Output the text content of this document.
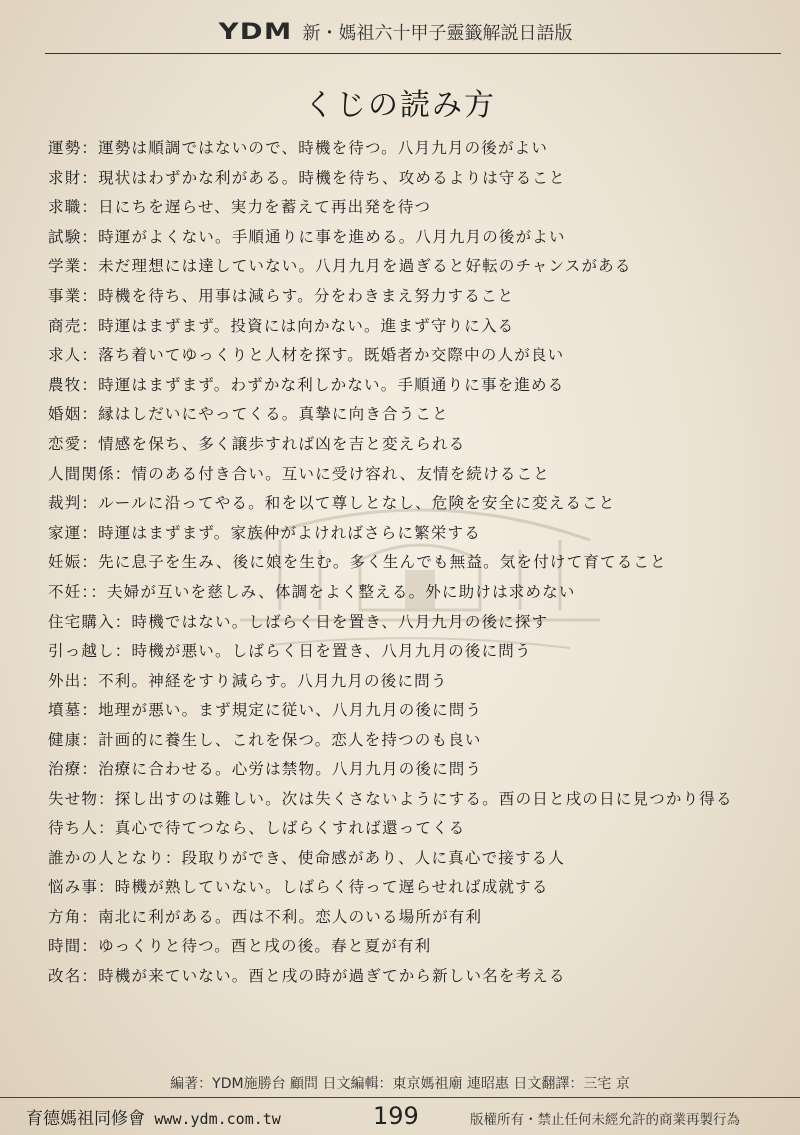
YDM 新・媽祖六十甲子靈籤解説日語版
くじの読み方
運勢：運勢は順調ではないので、時機を待つ。八月九月の後がよい
求財：現状はわずかな利がある。時機を待ち、攻めるよりは守ること
求職：日にちを遅らせ、実力を蓄えて再出発を待つ
試験：時運がよくない。手順通りに事を進める。八月九月の後がよい
学業：未だ理想には達していない。八月九月を過ぎると好転のチャンスがある
事業：時機を待ち、用事は減らす。分をわきまえ努力すること
商売：時運はまずまず。投資には向かない。進まず守りに入る
求人：落ち着いてゆっくりと人材を探す。既婚者か交際中の人が良い
農牧：時運はまずまず。わずかな利しかない。手順通りに事を進める
婚姻：縁はしだいにやってくる。真摯に向き合うこと
恋愛：情感を保ち、多く譲歩すれば凶を吉と変えられる
人間関係：情のある付き合い。互いに受け容れ、友情を続けること
裁判：ルールに沿ってやる。和を以て尊しとなし、危険を安全に変えること
家運：時運はまずまず。家族仲がよければさらに繁栄する
妊娠：先に息子を生み、後に娘を生む。多く生んでも無益。気を付けて育てること
不妊：：夫婦が互いを慈しみ、体調をよく整える。外に助けは求めない
住宅購入：時機ではない。しばらく日を置き、八月九月の後に探す
引っ越し：時機が悪い。しばらく日を置き、八月九月の後に問う
外出：不利。神経をすり減らす。八月九月の後に問う
墳墓：地理が悪い。まず規定に従い、八月九月の後に問う
健康：計画的に養生し、これを保つ。恋人を持つのも良い
治療：治療に合わせる。心労は禁物。八月九月の後に問う
失せ物：探し出すのは難しい。次は失くさないようにする。酉の日と戌の日に見つかり得る
待ち人：真心で待てつなら、しばらくすれば還ってくる
誰かの人となり：段取りができ、使命感があり、人に真心で接する人
悩み事：時機が熟していない。しばらく待って遅らせれば成就する
方角：南北に利がある。西は不利。恋人のいる場所が有利
時間：ゆっくりと待つ。酉と戌の後。春と夏が有利
改名：時機が来ていない。酉と戌の時が過ぎてから新しい名を考える
編著：YDM施勝台 顧問 日文編輯：東京媽祖廟 連昭惠 日文翻譯：三宅 京
育德媽祖同修會 www.ydm.com.tw	199	版權所有・禁止任何未經允許的商業再製行為
